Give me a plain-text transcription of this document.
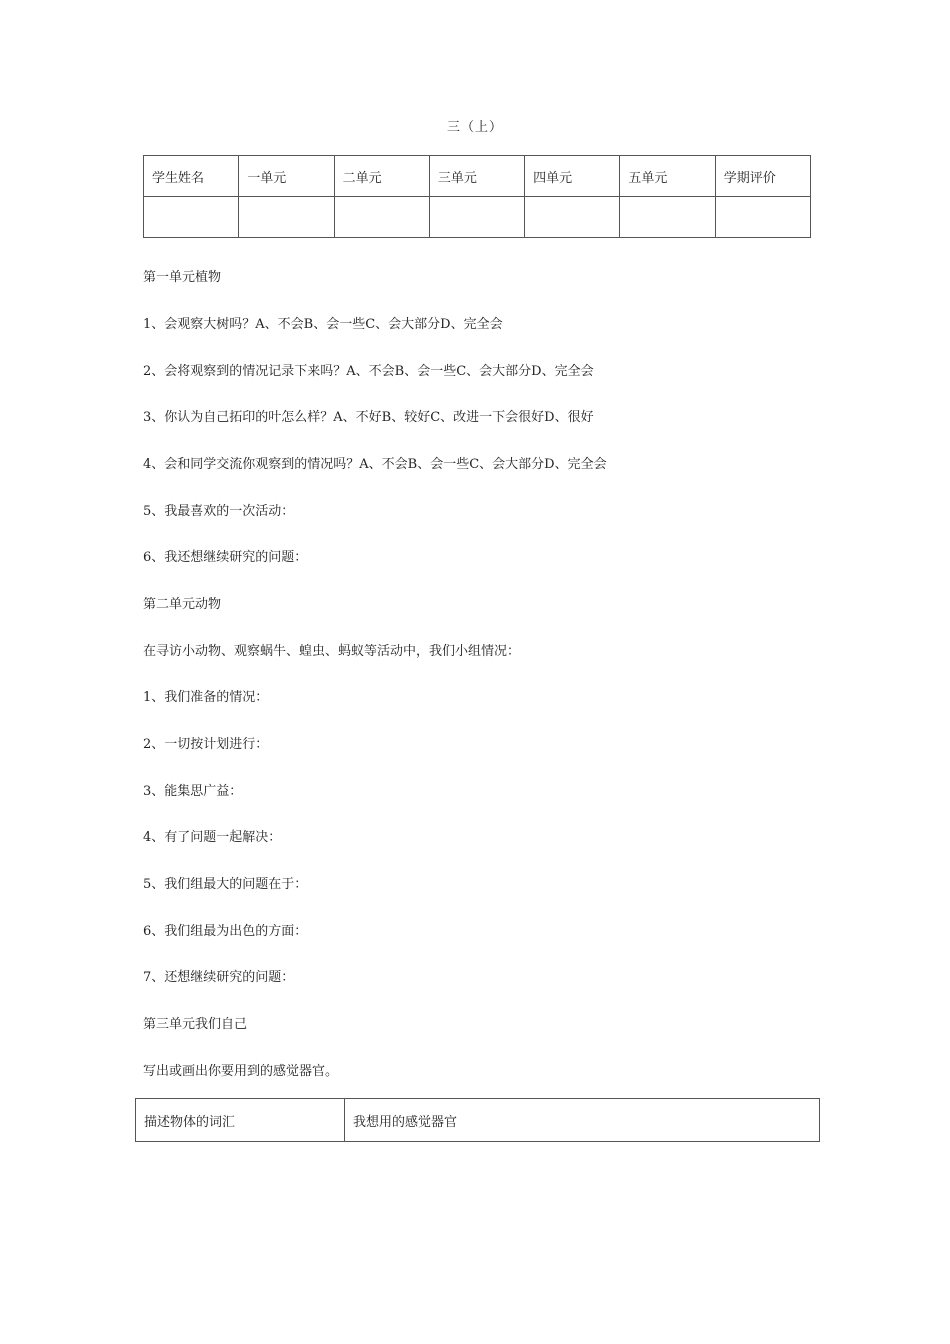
三（上）
学生姓名	一单元	二单元	三单元	四单元	五单元	学期评价

第一单元植物
1、会观察大树吗？A、不会B、会一些C、会大部分D、完全会
2、会将观察到的情况记录下来吗？A、不会B、会一些C、会大部分D、完全会
3、你认为自己拓印的叶怎么样？A、不好B、较好C、改进一下会很好D、很好
4、会和同学交流你观察到的情况吗？A、不会B、会一些C、会大部分D、完全会
5、我最喜欢的一次活动：
6、我还想继续研究的问题：
第二单元动物
在寻访小动物、观察蜗牛、蝗虫、蚂蚁等活动中，我们小组情况：
1、我们准备的情况：
2、一切按计划进行：
3、能集思广益：
4、有了问题一起解决：
5、我们组最大的问题在于：
6、我们组最为出色的方面：
7、还想继续研究的问题：
第三单元我们自己
写出或画出你要用到的感觉器官。
描述物体的词汇	我想用的感觉器官
